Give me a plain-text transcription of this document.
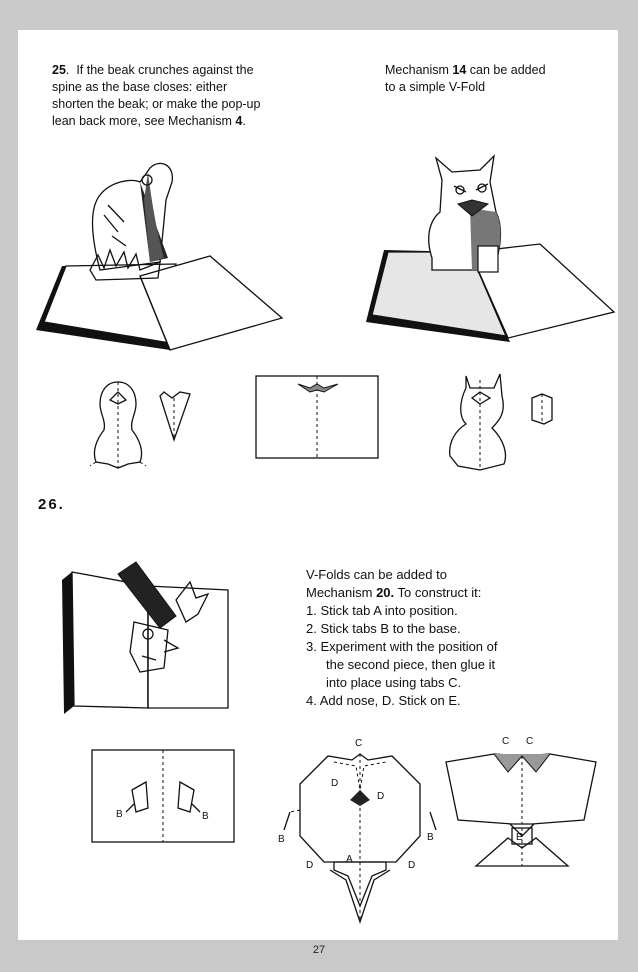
25.  If the beak crunches against the
spine as the base closes: either
shorten the beak; or make the pop-up
lean back more, see Mechanism 4.
Mechanism 14 can be added
to a simple V-Fold
26.
V-Folds can be added to
Mechanism 20. To construct it:
1. Stick tab A into position.
2. Stick tabs B to the base.
3. Experiment with the position of
the second piece, then glue it
into place using tabs C.
4. Add nose, D. Stick on E.
B	B
C
D
D
B	B
A
D	D
C C
E
27
